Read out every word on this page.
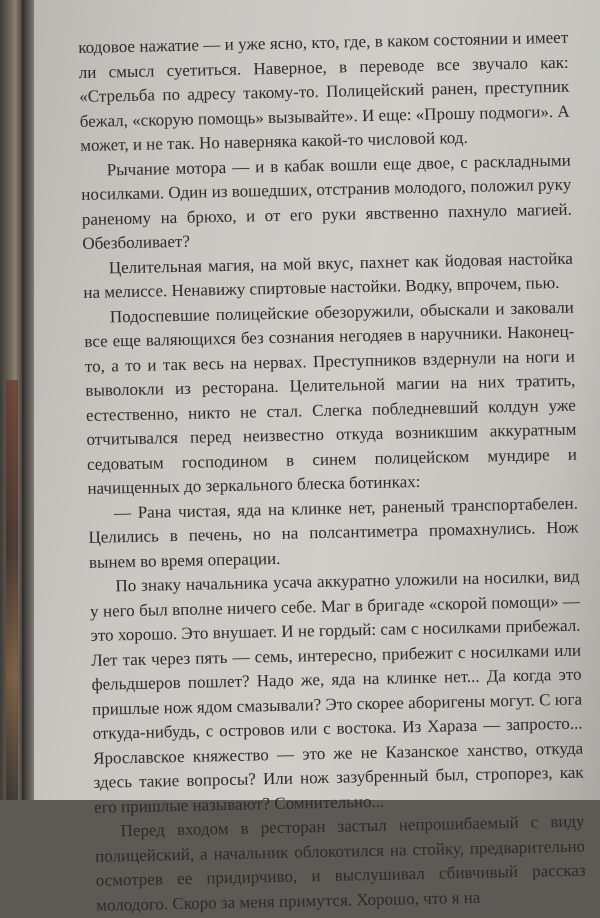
кодовое нажатие — и уже ясно, кто, где, в каком состоянии и имеет ли смысл суетиться. Наверное, в переводе все звучало как: «Стрельба по адресу такому-то. Полицейский ранен, преступник бежал, «скорую помощь» вызывайте». И еще: «Прошу подмоги». А может, и не так. Но наверняка какой-то числовой код.

Рычание мотора — и в кабак вошли еще двое, с раскладными носилками. Один из вошедших, отстранив молодого, положил руку раненому на брюхо, и от его руки явственно пахнуло магией. Обезболивает?

Целительная магия, на мой вкус, пахнет как йодовая настойка на мелиссе. Ненавижу спиртовые настойки. Водку, впрочем, пью.

Подоспевшие полицейские обезоружили, обыскали и заковали все еще валяющихся без сознания негодяев в наручники. Наконец-то, а то и так весь на нервах. Преступников вздернули на ноги и выволокли из ресторана. Целительной магии на них тратить, естественно, никто не стал. Слегка побледневший колдун уже отчитывался перед неизвестно откуда возникшим аккуратным седоватым господином в синем полицейском мундире и начищенных до зеркального блеска ботинках:

— Рана чистая, яда на клинке нет, раненый транспортабелен. Целились в печень, но на полсантиметра промахнулись. Нож вынем во время операции.

По знаку начальника усача аккуратно уложили на носилки, вид у него был вполне ничего себе. Маг в бригаде «скорой помощи» — это хорошо. Это внушает. И не гордый: сам с носилками прибежал. Лет так через пять — семь, интересно, прибежит с носилками или фельдшеров пошлет? Надо же, яда на клинке нет... Да когда это пришлые нож ядом смазывали? Это скорее аборигены могут. С юга откуда-нибудь, с островов или с востока. Из Хараза — запросто... Ярославское княжество — это же не Казанское ханство, откуда здесь такие вопросы? Или нож зазубренный был, стропорез, как его пришлые называют? Сомнительно...

Перед входом в ресторан застыл непрошибаемый с виду полицейский, а начальник облокотился на стойку, предварительно осмотрев ее придирчиво, и выслушивал сбивчивый рассказ молодого. Скоро за меня примутся. Хорошо, что я на
